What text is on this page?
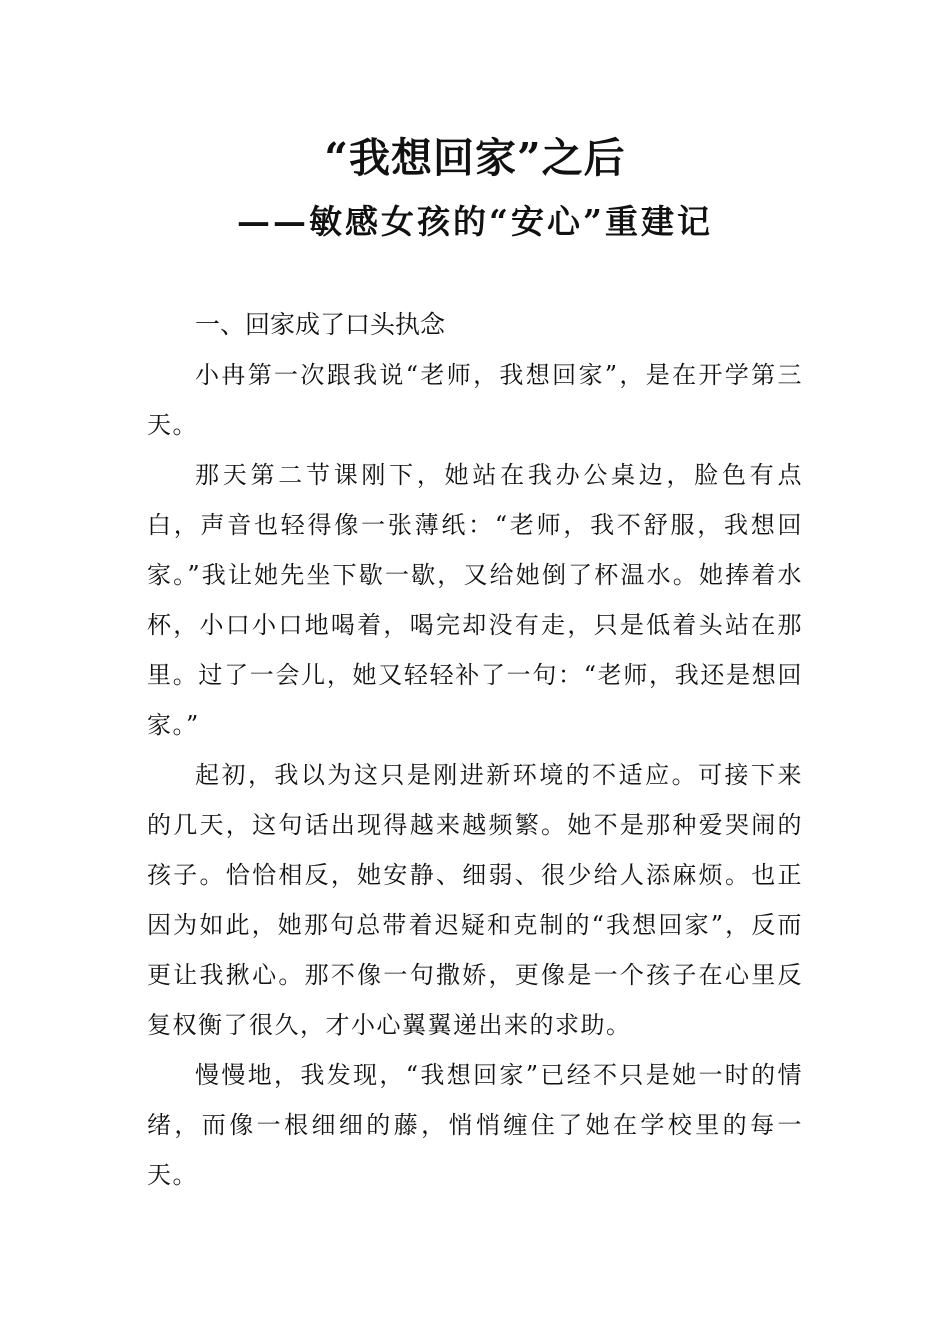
“我想回家”之后
——敏感女孩的“安心”重建记
一、回家成了口头执念

小冉第一次跟我说“老师，我想回家”，是在开学第三天。

那天第二节课刚下，她站在我办公桌边，脸色有点白，声音也轻得像一张薄纸：“老师，我不舒服，我想回家。”我让她先坐下歇一歇，又给她倒了杯温水。她捧着水杯，小口小口地喝着，喝完却没有走，只是低着头站在那里。过了一会儿，她又轻轻补了一句：“老师，我还是想回家。”

起初，我以为这只是刚进新环境的不适应。可接下来的几天，这句话出现得越来越频繁。她不是那种爱哭闹的孩子。恰恰相反，她安静、细弱、很少给人添麻烦。也正因为如此，她那句总带着迟疑和克制的“我想回家”，反而更让我揪心。那不像一句撒娇，更像是一个孩子在心里反复权衡了很久，才小心翼翼递出来的求助。

慢慢地，我发现，“我想回家”已经不只是她一时的情绪，而像一根细细的藤，悄悄缠住了她在学校里的每一天。
